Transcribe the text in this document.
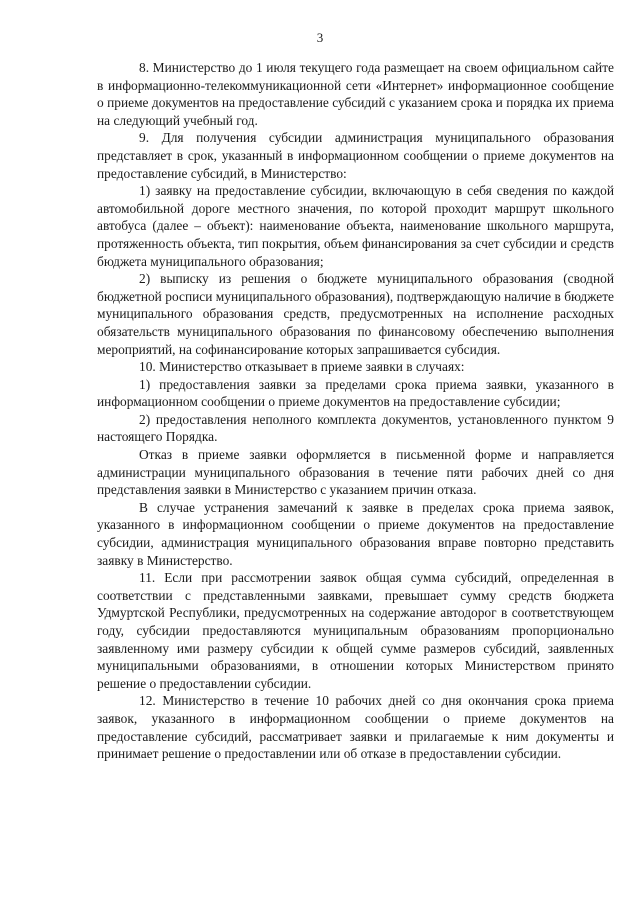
3

8. Министерство до 1 июля текущего года размещает на своем официальном сайте в информационно-телекоммуникационной сети «Интернет» информационное сообщение о приеме документов на предоставление субсидий с указанием срока и порядка их приема на следующий учебный год.

9. Для получения субсидии администрация муниципального образования представляет в срок, указанный в информационном сообщении о приеме документов на предоставление субсидий, в Министерство:

1) заявку на предоставление субсидии, включающую в себя сведения по каждой автомобильной дороге местного значения, по которой проходит маршрут школьного автобуса (далее – объект): наименование объекта, наименование школьного маршрута, протяженность объекта, тип покрытия, объем финансирования за счет субсидии и средств бюджета муниципального образования;

2) выписку из решения о бюджете муниципального образования (сводной бюджетной росписи муниципального образования), подтверждающую наличие в бюджете муниципального образования средств, предусмотренных на исполнение расходных обязательств муниципального образования по финансовому обеспечению выполнения мероприятий, на софинансирование которых запрашивается субсидия.

10. Министерство отказывает в приеме заявки в случаях:

1) предоставления заявки за пределами срока приема заявки, указанного в информационном сообщении о приеме документов на предоставление субсидии;

2) предоставления неполного комплекта документов, установленного пунктом 9 настоящего Порядка.

Отказ в приеме заявки оформляется в письменной форме и направляется администрации муниципального образования в течение пяти рабочих дней со дня представления заявки в Министерство с указанием причин отказа.

В случае устранения замечаний к заявке в пределах срока приема заявок, указанного в информационном сообщении о приеме документов на предоставление субсидии, администрация муниципального образования вправе повторно представить заявку в Министерство.

11. Если при рассмотрении заявок общая сумма субсидий, определенная в соответствии с представленными заявками, превышает сумму средств бюджета Удмуртской Республики, предусмотренных на содержание автодорог в соответствующем году, субсидии предоставляются муниципальным образованиям пропорционально заявленному ими размеру субсидии к общей сумме размеров субсидий, заявленных муниципальными образованиями, в отношении которых Министерством принято решение о предоставлении субсидии.

12. Министерство в течение 10 рабочих дней со дня окончания срока приема заявок, указанного в информационном сообщении о приеме документов на предоставление субсидий, рассматривает заявки и прилагаемые к ним документы и принимает решение о предоставлении или об отказе в предоставлении субсидии.
